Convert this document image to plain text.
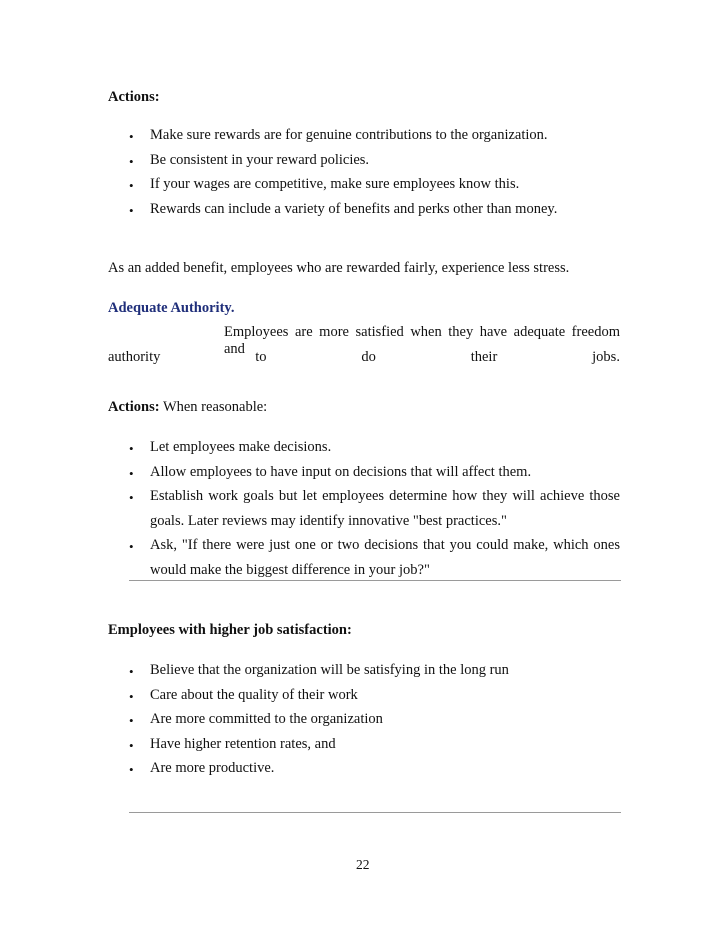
Actions:
• Make sure rewards are for genuine contributions to the organization.
• Be consistent in your reward policies.
• If your wages are competitive, make sure employees know this.
• Rewards can include a variety of benefits and perks other than money.
As an added benefit, employees who are rewarded fairly, experience less stress.
Adequate Authority.
Employees are more satisfied when they have adequate freedom and
authority	to	do	their	jobs.
Actions: When reasonable:
• Let employees make decisions.
• Allow employees to have input on decisions that will affect them.
• Establish work goals but let employees determine how they will achieve those
goals. Later reviews may identify innovative "best practices."
• Ask, "If there were just one or two decisions that you could make, which ones
would make the biggest difference in your job?"
Employees with higher job satisfaction:
• Believe that the organization will be satisfying in the long run
• Care about the quality of their work
• Are more committed to the organization
• Have higher retention rates, and
• Are more productive.
22
